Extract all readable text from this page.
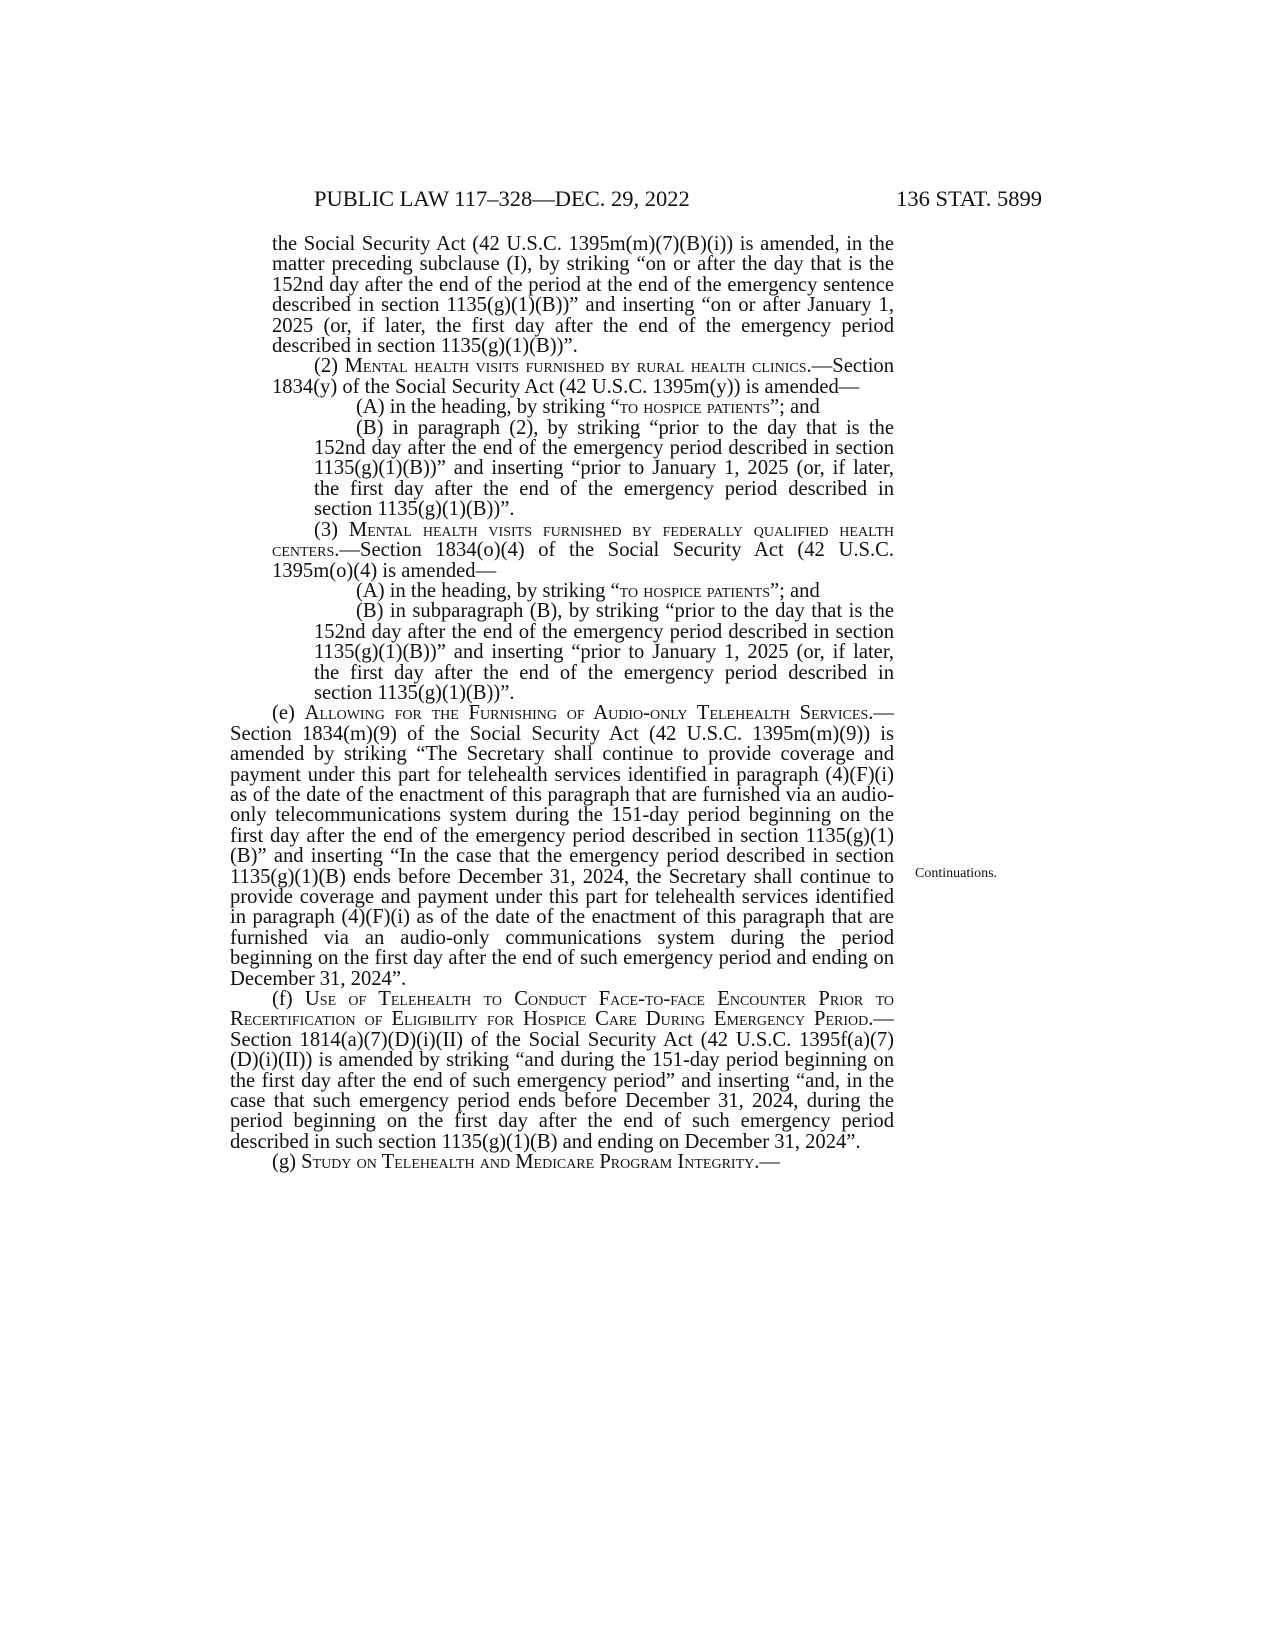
PUBLIC LAW 117–328—DEC. 29, 2022	136 STAT. 5899
Continuations.

the Social Security Act (42 U.S.C. 1395m(m)(7)(B)(i)) is amended, in the matter preceding subclause (I), by striking “on or after the day that is the 152nd day after the end of the period at the end of the emergency sentence described in section 1135(g)(1)(B))” and inserting “on or after January 1, 2025 (or, if later, the first day after the end of the emergency period described in section 1135(g)(1)(B))”.

(2) Mental health visits furnished by rural health clinics.—Section 1834(y) of the Social Security Act (42 U.S.C. 1395m(y)) is amended—

(A) in the heading, by striking “to hospice patients”; and

(B) in paragraph (2), by striking “prior to the day that is the 152nd day after the end of the emergency period described in section 1135(g)(1)(B))” and inserting “prior to January 1, 2025 (or, if later, the first day after the end of the emergency period described in section 1135(g)(1)(B))”.

(3) Mental health visits furnished by federally qualified health centers.—Section 1834(o)(4) of the Social Security Act (42 U.S.C. 1395m(o)(4) is amended—

(A) in the heading, by striking “to hospice patients”; and

(B) in subparagraph (B), by striking “prior to the day that is the 152nd day after the end of the emergency period described in section 1135(g)(1)(B))” and inserting “prior to January 1, 2025 (or, if later, the first day after the end of the emergency period described in section 1135(g)(1)(B))”.

(e) Allowing for the Furnishing of Audio-only Telehealth Services.—Section 1834(m)(9) of the Social Security Act (42 U.S.C. 1395m(m)(9)) is amended by striking “The Secretary shall continue to provide coverage and payment under this part for telehealth services identified in paragraph (4)(F)(i) as of the date of the enactment of this paragraph that are furnished via an audio-only telecommunications system during the 151-day period beginning on the first day after the end of the emergency period described in section 1135(g)(1)(B)” and inserting “In the case that the emergency period described in section 1135(g)(1)(B) ends before December 31, 2024, the Secretary shall continue to provide coverage and payment under this part for telehealth services identified in paragraph (4)(F)(i) as of the date of the enactment of this paragraph that are furnished via an audio-only communications system during the period beginning on the first day after the end of such emergency period and ending on December 31, 2024”.

(f) Use of Telehealth to Conduct Face-to-face Encounter Prior to Recertification of Eligibility for Hospice Care During Emergency Period.—Section 1814(a)(7)(D)(i)(II) of the Social Security Act (42 U.S.C. 1395f(a)(7)(D)(i)(II)) is amended by striking “and during the 151-day period beginning on the first day after the end of such emergency period” and inserting “and, in the case that such emergency period ends before December 31, 2024, during the period beginning on the first day after the end of such emergency period described in such section 1135(g)(1)(B) and ending on December 31, 2024”.

(g) Study on Telehealth and Medicare Program Integrity.—
